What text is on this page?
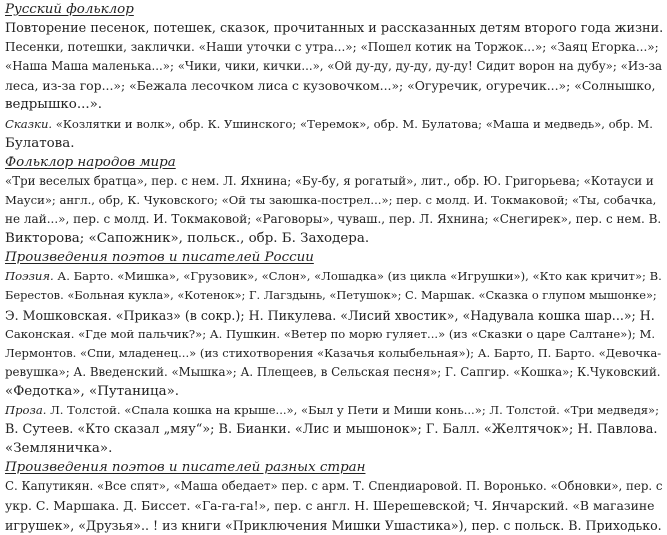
Русский фольклор
Повторение песенок, потешек, сказок, прочитанных и рассказанных детям второго года жизни.
Песенки, потешки, заклички. «Наши уточки с утра...»; «Пошел котик на Торжок...»; «Заяц Егорка...»;
«Наша Маша маленька...»; «Чики, чики, кички...», «Ой ду-ду, ду-ду, ду-ду! Сидит ворон на дубу»; «Из-за
леса, из-за гор...»; «Бежала лесочком лиса с кузовочком...»; «Огуречик, огуречик...»; «Солнышко,
ведрышко...».
Сказки. «Козлятки и волк», обр. К. Ушинского; «Теремок», обр. М. Булатова; «Маша и медведь», обр. М.
Булатова.
Фольклор народов мира
«Три веселых братца», пер. с нем. Л. Яхнина; «Бу-бу, я рогатый», лит., обр. Ю. Григорьева; «Котауси и
Мауси»; англ., обр, К. Чуковского; «Ой ты заюшка-пострел...»; пер. с молд. И. Токмаковой; «Ты, собачка,
не лай...», пер. с молд. И. Токмаковой; «Раговоры», чуваш., пер. Л. Яхнина; «Снегирек», пер. с нем. В.
Викторова; «Сапожник», польск., обр. Б. Заходера.
Произведения поэтов и писателей России
Поэзия. А. Барто. «Мишка», «Грузовик», «Слон», «Лошадка» (из цикла «Игрушки»), «Кто как кричит»; В.
Берестов. «Больная кукла», «Котенок»; Г. Лагздынь, «Петушок»; С. Маршак. «Сказка о глупом мышонке»;
Э. Мошковская. «Приказ» (в сокр.); Н. Пикулева. «Лисий хвостик», «Надувала кошка шар...»; Н.
Саконская. «Где мой пальчик?»; А. Пушкин. «Ветер по морю гуляет...» (из «Сказки о царе Салтане»); М.
Лермонтов. «Спи, младенец...» (из стихотворения «Казачья колыбельная»); А. Барто, П. Барто. «Девочка-
ревушка»; А. Введенский. «Мышка»; А. Плещеев, в Сельская песня»; Г. Сапгир. «Кошка»; К.Чуковский.
«Федотка», «Путаница».
Проза. Л. Толстой. «Спала кошка на крыше...», «Был у Пети и Миши конь...»; Л. Толстой. «Три медведя»;
В. Сутеев. «Кто сказал „мяу“»; В. Бианки. «Лис и мышонок»; Г. Балл. «Желтячок»; Н. Павлова.
«Земляничка».
Произведения поэтов и писателей разных стран
С. Капутикян. «Все спят», «Маша обедает» пер. с арм. Т. Спендиаровой. П. Воронько. «Обновки», пер. с
укр. С. Маршака. Д. Биссет. «Га-га-га!», пер. с англ. Н. Шерешевской; Ч. Янчарский. «В магазине
игрушек», «Друзья».. ! из книги «Приключения Мишки Ушастика»), пер. с польск. В. Приходько.
